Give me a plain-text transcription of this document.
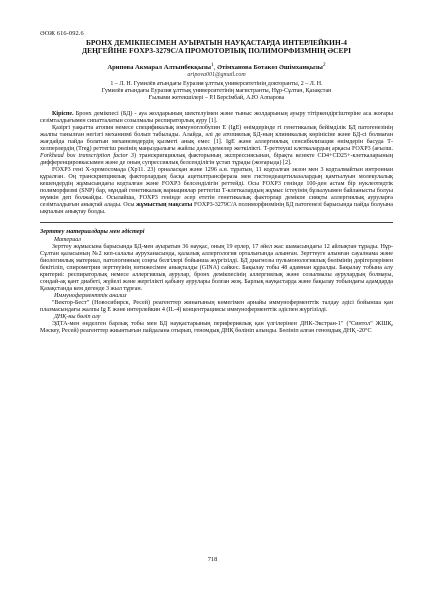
ӘОЖ 616-092.6
БРОНХ ДЕМІКПЕСІМЕН АУЫРАТЫН НАУҚАСТАРДА ИНТЕРЛЕЙКИН-4
ДЕҢГЕЙІНЕ FOXP3-3279C/A ПРОМОТОРЛЫҚ ПОЛИМОРФИЗМНІҢ ӘСЕРІ
Арипова Акмарал Алтынбекқызы$^1$, Әтімханова Ботакөз Әшімханқызы$^2$
aripova001@gmail.com
1 – Л. Н. Гумилёв атындағы Еуразия ұлттық университетінің докторанты, 2 – Л. Н.
Гумилёв атындағы Еуразия ұлттық университетінің магистранты, Нұр-Сұлтан, Қазақстан
Ғылыми жетекшілері – Р.І Берсімбай, А.Ю Алпарова

Кіріспе. Бронх демікпесі (БД) - ауа жолдарының шектелуімен және тыныс жолдарының ауыру тітіркендіргіштеріне аса жоғары сезімталдығымен сипатталатын созылмалы респираторлық ауру [1].

Қазіргі уақытта атопия немесе спецификалық иммуноглобулин E (IgE) өнімдерінде гі генетикалық бейімділік БД патогенезінің жалпы танылған негізгі механизмі болып табылады. Алайда, әлі де атопиялық БД-ның клиникалық көрінісіне және БД-сі болмаған жағдайда пайда болатын механизмдердің қызметі анық емес [1]. IgE және аллергиялық сенсибилизация өнімдерін басуда Т-хелперлердің (Treg) реттегіш рөлінің маңыздылығы жайлы дәлелдемелер жеткілікті. Т-реттеуші клеткалардың арқасы FOXP3 (ағылш. Forkhead box transcription factor 3) транскрипциялық факторының экспрессиясынан, бірақта кезекте CD4+CD25+-клеткаларының дифференцировкасымен және де оның супрессиялық белсенділігін ұстап тұрады (жоғарыда) [2].

FOXP3 гені X-хромосомада (Xp11. 23) орналасқан және 1296 а.н. тұратын, 11 кодталған экзон мен 3 кодталмайтын интроннан құралған. Оң транскрипциялық факторлардың басқа ацетилтрансфераза мен гистондеацетилазалардың қамтылуын молекулалық кешендердің жұмысындағы кодталған және FOXP3 белсенділігін реттейді. Осы FOXP3 генінде 100-ден астам бір нуклеотидтік полиморфизмі (SNP) бар, мұндай генетикалық вариациялар реттегіш Т-клеткалардың жұмыс істеуінің бұзылуымен байланысты болуы мүмкін деп болжайды. Осылайша, FOXP3 генінде әсер ететін генетикалық факторлар демікпе сияқты аллергиялық ауруларға сезімталдығын анықтай алады. Осы жұмыстың мақсаты FOXP3-3279C/A полиморфизмінің БД патогенезі барысында пайда болуына ықпалын анықтау болды.

Зерттеу материалдары мен әдістері
Материал

Зерттеу жұмысына барысында БД-мен ауыратын 36 науқас, оның 19 ерлер, 17 әйел жас шамасындағы 12 айлықтан тұрады. Нұр-Сұлтан қаласының №2 кеп-салалы ауруханасында, қалалық аллергология орталығында алынған. Зерттеуге алынған сауалнама және биологиялық материал, патологияның соңғы белгілері бойынша жүргізілді. БД диагнозы пульмонологиялық бөлімінің дәрігерлерімен бекітіліп, спирометрия зерттеуінің нәтижесімен анықталды (GINA) сайкес. Бақылау тобы 48 адамнан құралды. Бақылау тобына алу критериі: респираторлық немесе аллергиялық аурулар, бронх демікпесінің аллергиялық және созылмалы аурулардың болмауы, сондай-ақ қант диабеті, жүйелі және жергілікті қабыну аурулары болған жоқ. Барлық науқастарда және бақылау тобындағы адамдарда Қазақстанда кем дегенде 3 жыл тұрған.

Иммуноферменттік анализ

"Вектор-Бест" (Новосибирск, Ресей) реагенттер жинағының көмегімен арнайы иммуноферменттік талдау әдісі бойынша қан плазмасындағы жалпы Ig E және интерлейкин 4 (IL-4) концентрациясы иммуноферменттік әдіспен жүргізілді.

ДНҚ-ны бөліп алу

ЭДТА-мен өңделген барлық тобы мен БД науқастарының перифериялық қан үлгілерінен ДНК-Экстран-1" ("Синтол" ЖШҚ, Мәскеу, Ресей) реагенттер жиынтығын пайдалана отырып, геномдық ДНҚ бөлініп алынды. Бөлініп алған геномдық ДНҚ -20°С

718
